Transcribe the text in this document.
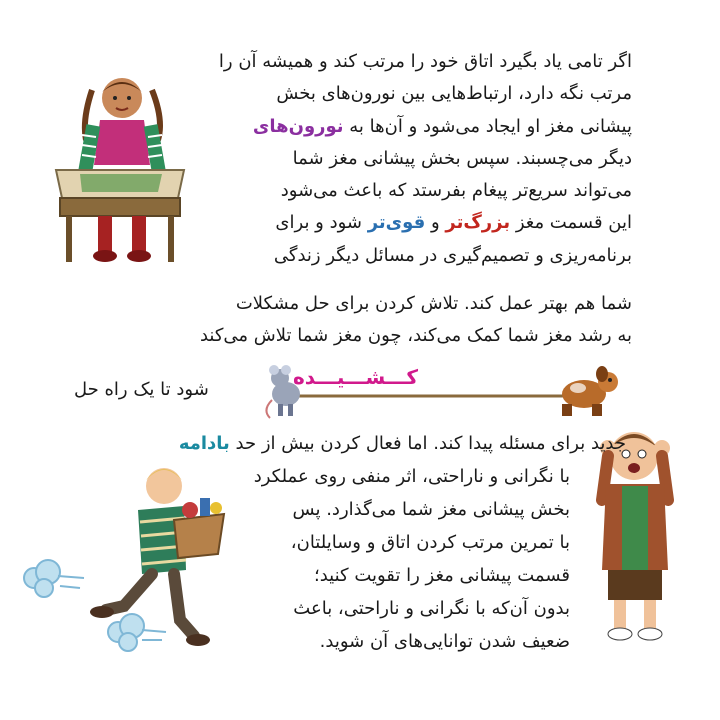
اگر تامی یاد بگیرد اتاق خود را مرتب کند و همیشه آن را
مرتب نگه دارد، ارتباط‌هایی بین نورون‌های بخش
پیشانی مغز او ایجاد می‌شود و آن‌ها به نورون‌های
دیگر می‌چسبند. سپس بخش پیشانی مغز شما
می‌تواند سریع‌تر پیغام بفرستد که باعث می‌شود
این قسمت مغز بزرگ‌تر و قوی‌تر شود و برای
برنامه‌ریزی و تصمیم‌گیری در مسائل دیگر زندگی
شما هم بهتر عمل کند. تلاش کردن برای حل مشکلات
به رشد مغز شما کمک می‌کند، چون مغز شما تلاش می‌کند
کـــشـــیـــده
شود تا یک راه حل
جدید برای مسئله پیدا کند. اما فعال کردن بیش از حد بادامه
با نگرانی و ناراحتی، اثر منفی روی عملکرد
بخش پیشانی مغز شما می‌گذارد. پس
با تمرین مرتب کردن اتاق و وسایلتان،
قسمت پیشانی مغز را تقویت کنید؛
بدون آن‌که با نگرانی و ناراحتی، باعث
ضعیف شدن توانایی‌های آن شوید.
